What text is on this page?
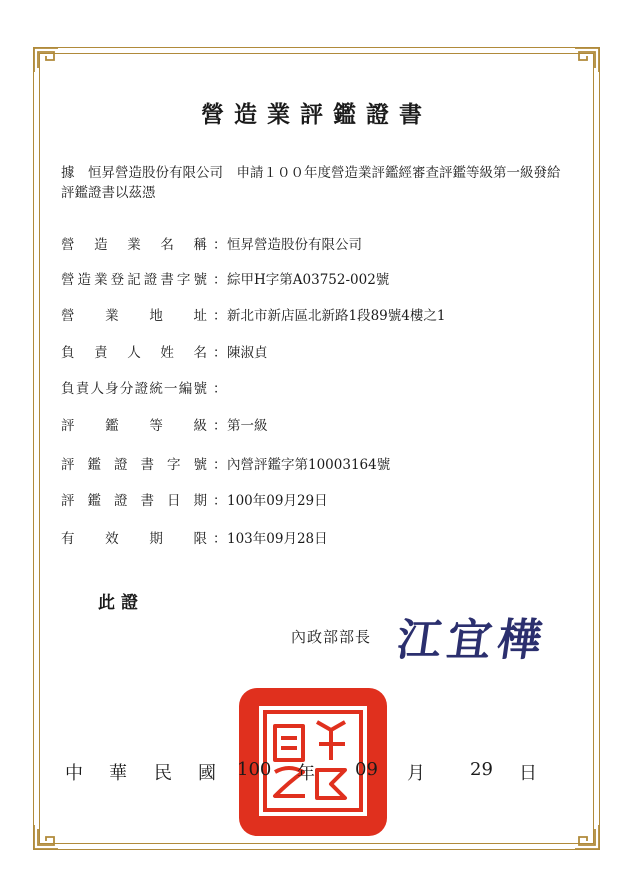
營造業評鑑證書
據　恒昇營造股份有限公司　申請１００年度營造業評鑑經審查評鑑等級第一級發給評鑑證書以茲憑
營造業名稱 ：恒昇營造股份有限公司
營造業登記證書字號 ：綜甲H字第A03752-002號
營業地址 ：新北市新店區北新路1段89號4樓之1
負責人姓名 ：陳淑貞
負責人身分證統一編號 ：
評鑑等級 ：第一級
評鑑證書字號 ：內營評鑑字第10003164號
評鑑證書日期 ：100年09月29日
有效期限 ：103年09月28日
此證
內政部部長 江宜樺
中 華 民 國 100 年 09 月	29 日
